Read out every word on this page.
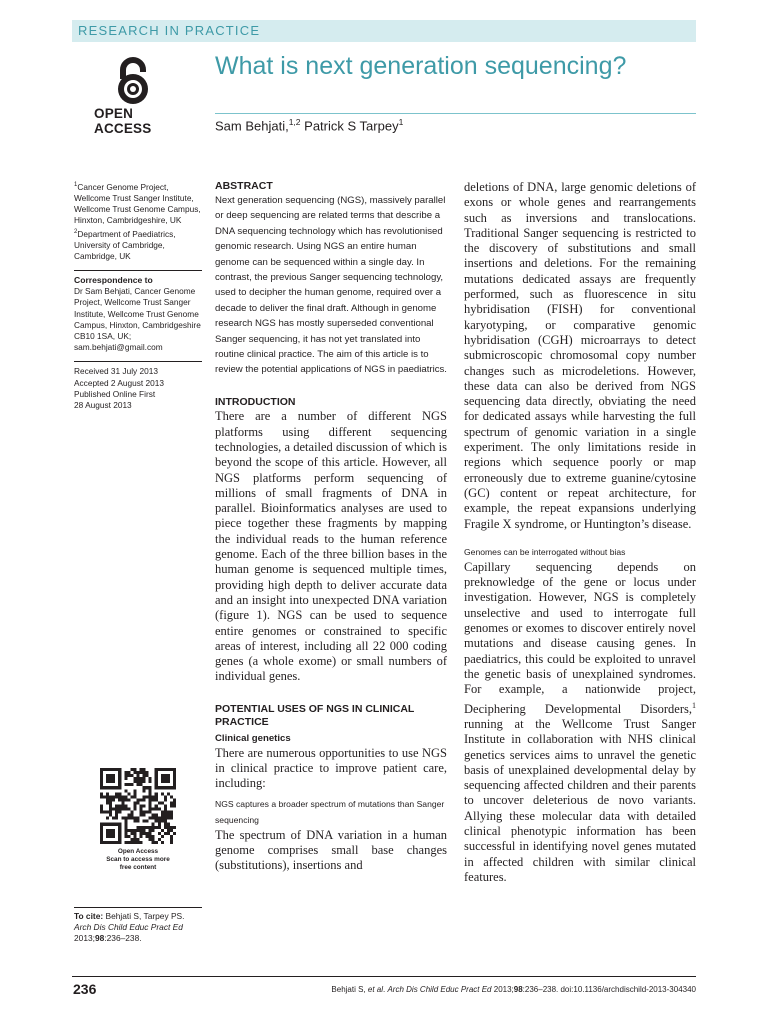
RESEARCH IN PRACTICE
OPEN ACCESS
What is next generation sequencing?
Sam Behjati,$^{1,2}$ Patrick S Tarpey$^1$
$^1$Cancer Genome Project, Wellcome Trust Sanger Institute, Wellcome Trust Genome Campus, Hinxton, Cambridgeshire, UK
$^2$Department of Paediatrics, University of Cambridge, Cambridge, UK
Correspondence to
Dr Sam Behjati, Cancer Genome Project, Wellcome Trust Sanger Institute, Wellcome Trust Genome Campus, Hinxton, Cambridgeshire CB10 1SA, UK; sam.behjati@gmail.com
Received 31 July 2013
Accepted 2 August 2013
Published Online First
28 August 2013
Open Access
Scan to access more
free content
To cite: Behjati S, Tarpey PS. Arch Dis Child Educ Pract Ed 2013;98:236–238.
ABSTRACT

Next generation sequencing (NGS), massively parallel or deep sequencing are related terms that describe a DNA sequencing technology which has revolutionised genomic research. Using NGS an entire human genome can be sequenced within a single day. In contrast, the previous Sanger sequencing technology, used to decipher the human genome, required over a decade to deliver the final draft. Although in genome research NGS has mostly superseded conventional Sanger sequencing, it has not yet translated into routine clinical practice. The aim of this article is to review the potential applications of NGS in paediatrics.

INTRODUCTION

There are a number of different NGS platforms using different sequencing technologies, a detailed discussion of which is beyond the scope of this article. However, all NGS platforms perform sequencing of millions of small fragments of DNA in parallel. Bioinformatics analyses are used to piece together these fragments by mapping the individual reads to the human reference genome. Each of the three billion bases in the human genome is sequenced multiple times, providing high depth to deliver accurate data and an insight into unexpected DNA variation (figure 1). NGS can be used to sequence entire genomes or constrained to specific areas of interest, including all 22 000 coding genes (a whole exome) or small numbers of individual genes.

POTENTIAL USES OF NGS IN CLINICAL PRACTICE
Clinical genetics

There are numerous opportunities to use NGS in clinical practice to improve patient care, including:

NGS captures a broader spectrum of mutations than Sanger sequencing

The spectrum of DNA variation in a human genome comprises small base changes (substitutions), insertions and

deletions of DNA, large genomic deletions of exons or whole genes and rearrangements such as inversions and translocations. Traditional Sanger sequencing is restricted to the discovery of substitutions and small insertions and deletions. For the remaining mutations dedicated assays are frequently performed, such as fluorescence in situ hybridisation (FISH) for conventional karyotyping, or comparative genomic hybridisation (CGH) microarrays to detect submicroscopic chromosomal copy number changes such as microdeletions. However, these data can also be derived from NGS sequencing data directly, obviating the need for dedicated assays while harvesting the full spectrum of genomic variation in a single experiment. The only limitations reside in regions which sequence poorly or map erroneously due to extreme guanine/cytosine (GC) content or repeat architecture, for example, the repeat expansions underlying Fragile X syndrome, or Huntington’s disease.

Genomes can be interrogated without bias

Capillary sequencing depends on preknowledge of the gene or locus under investigation. However, NGS is completely unselective and used to interrogate full genomes or exomes to discover entirely novel mutations and disease causing genes. In paediatrics, this could be exploited to unravel the genetic basis of unexplained syndromes. For example, a nationwide project, Deciphering Developmental Disorders,$^1$ running at the Wellcome Trust Sanger Institute in collaboration with NHS clinical genetics services aims to unravel the genetic basis of unexplained developmental delay by sequencing affected children and their parents to uncover deleterious de novo variants. Allying these molecular data with detailed clinical phenotypic information has been successful in identifying novel genes mutated in affected children with similar clinical features.

236	Behjati S, et al. Arch Dis Child Educ Pract Ed 2013;98:236–238. doi:10.1136/archdischild-2013-304340
